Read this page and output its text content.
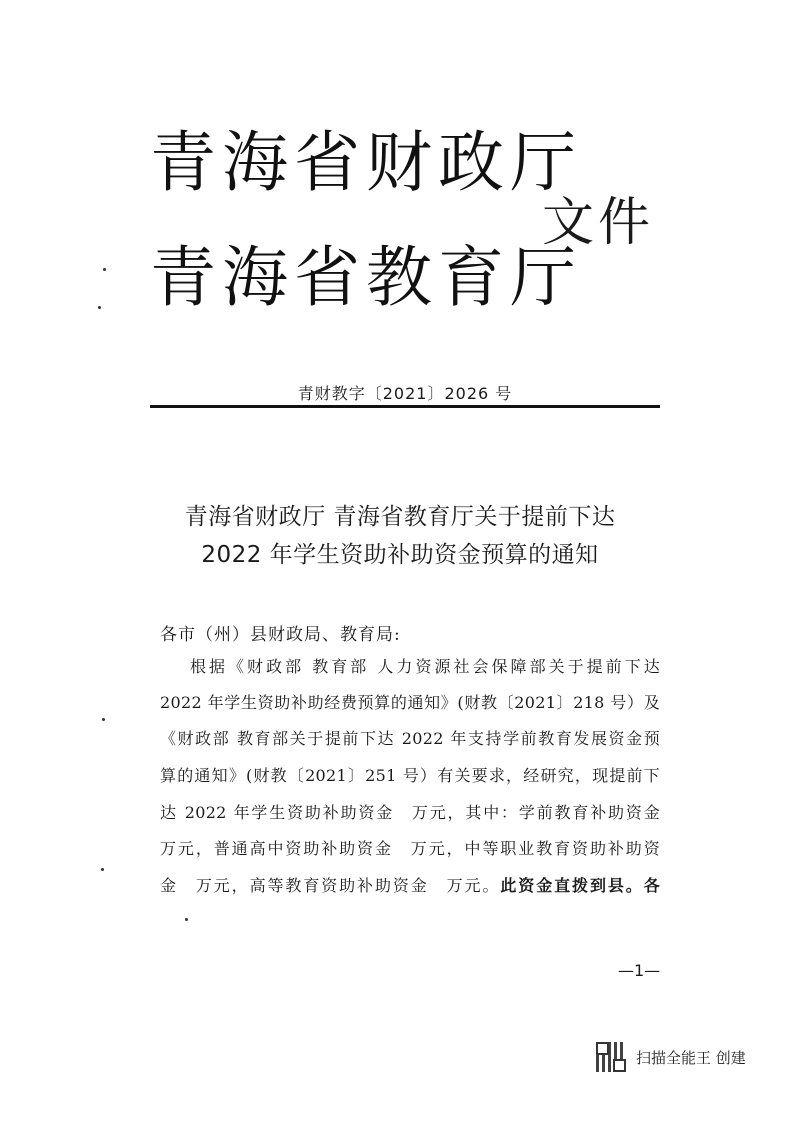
青海省财政厅
青海省教育厅
文件
青财教字〔2021〕2026 号
青海省财政厅 青海省教育厅关于提前下达
2022 年学生资助补助资金预算的通知
各市（州）县财政局、教育局:
根据《财政部 教育部 人力资源社会保障部关于提前下达
2022 年学生资助补助经费预算的通知》(财教〔2021〕218 号）及
《财政部 教育部关于提前下达 2022 年支持学前教育发展资金预
算的通知》(财教〔2021〕251 号）有关要求，经研究，现提前下
达 2022 年学生资助补助资金　万元，其中：学前教育补助资金
万元，普通高中资助补助资金　万元，中等职业教育资助补助资
金　万元，高等教育资助补助资金　万元。此资金直拨到县。各
—1—
扫描全能王 创建
